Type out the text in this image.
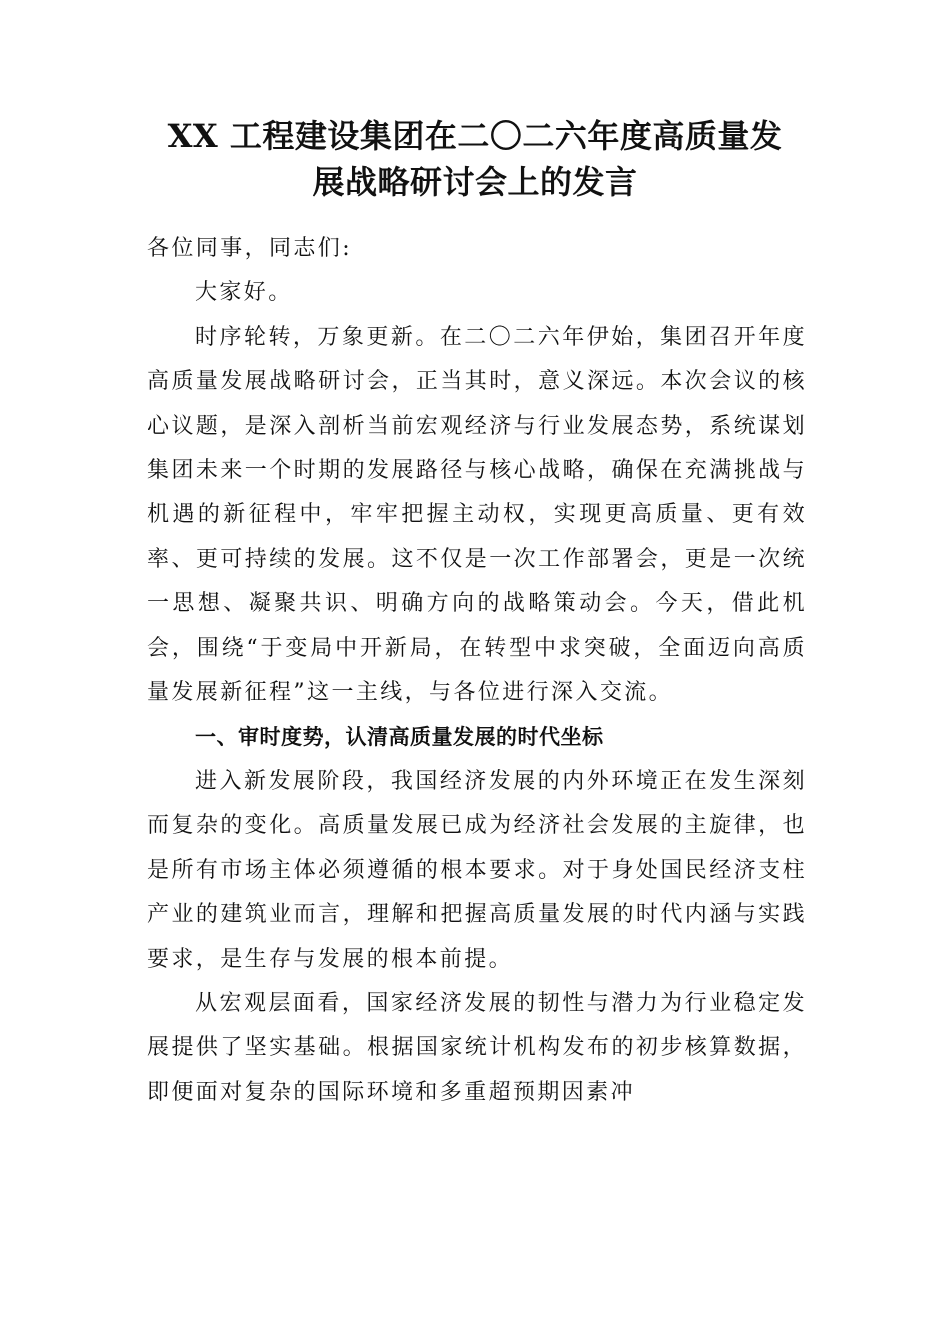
XX 工程建设集团在二〇二六年度高质量发
展战略研讨会上的发言

各位同事，同志们:

大家好。

时序轮转，万象更新。在二〇二六年伊始，集团召开年度高质量发展战略研讨会，正当其时，意义深远。本次会议的核心议题，是深入剖析当前宏观经济与行业发展态势，系统谋划集团未来一个时期的发展路径与核心战略，确保在充满挑战与机遇的新征程中，牢牢把握主动权，实现更高质量、更有效率、更可持续的发展。这不仅是一次工作部署会，更是一次统一思想、凝聚共识、明确方向的战略策动会。今天，借此机会，围绕“于变局中开新局，在转型中求突破，全面迈向高质量发展新征程”这一主线，与各位进行深入交流。

一、审时度势，认清高质量发展的时代坐标

进入新发展阶段，我国经济发展的内外环境正在发生深刻而复杂的变化。高质量发展已成为经济社会发展的主旋律，也是所有市场主体必须遵循的根本要求。对于身处国民经济支柱产业的建筑业而言，理解和把握高质量发展的时代内涵与实践要求，是生存与发展的根本前提。

从宏观层面看，国家经济发展的韧性与潜力为行业稳定发展提供了坚实基础。根据国家统计机构发布的初步核算数据，即便面对复杂的国际环境和多重超预期因素冲
